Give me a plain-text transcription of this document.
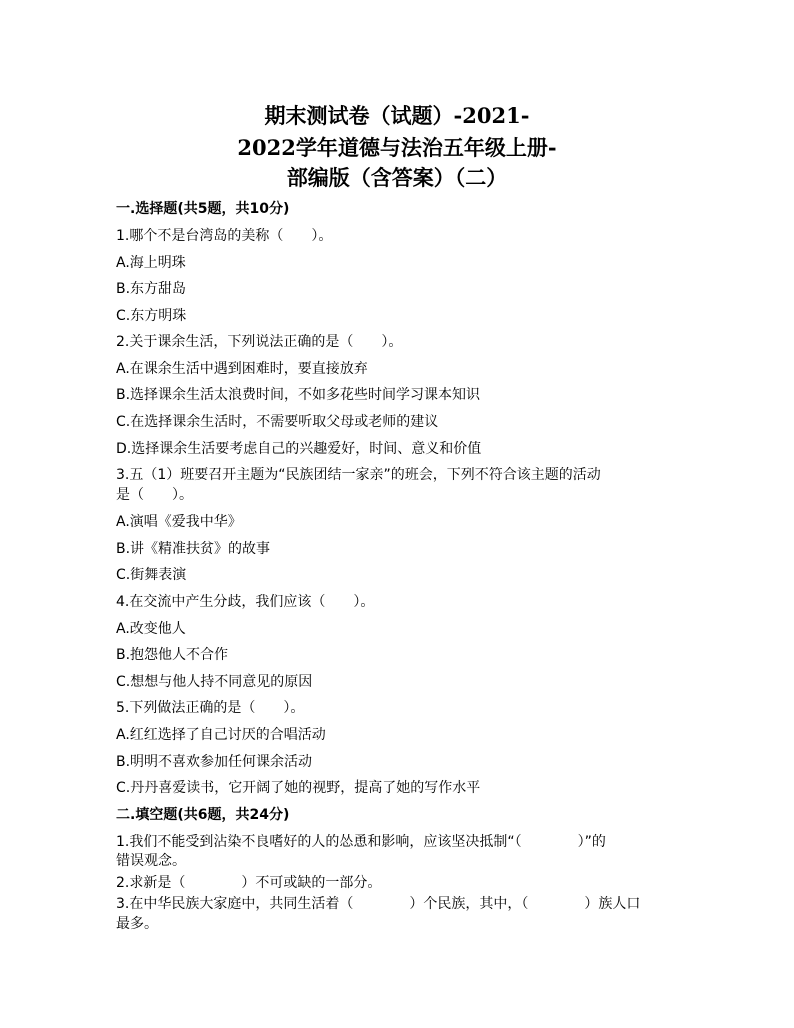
期末测试卷（试题）-2021-
2022学年道德与法治五年级上册-
部编版（含答案）（二）
一.选择题(共5题，共10分)
1.哪个不是台湾岛的美称（　　）。
A.海上明珠
B.东方甜岛
C.东方明珠
2.关于课余生活，下列说法正确的是（　　）。
A.在课余生活中遇到困难时，要直接放弃
B.选择课余生活太浪费时间，不如多花些时间学习课本知识
C.在选择课余生活时，不需要听取父母或老师的建议
D.选择课余生活要考虑自己的兴趣爱好，时间、意义和价值
3.五（1）班要召开主题为“民族团结一家亲”的班会，下列不符合该主题的活动
是（　　）。
A.演唱《爱我中华》
B.讲《精准扶贫》的故事
C.街舞表演
4.在交流中产生分歧，我们应该（　　）。
A.改变他人
B.抱怨他人不合作
C.想想与他人持不同意见的原因
5.下列做法正确的是（　　）。
A.红红选择了自己讨厌的合唱活动
B.明明不喜欢参加任何课余活动
C.丹丹喜爱读书，它开阔了她的视野，提高了她的写作水平
二.填空题(共6题，共24分)
1.我们不能受到沾染不良嗜好的人的怂恿和影响，应该坚决抵制“（　　　　）”的
错误观念。
2.求新是（　　　　）不可或缺的一部分。
3.在中华民族大家庭中，共同生活着（　　　　）个民族，其中，（　　　　）族人口
最多。
